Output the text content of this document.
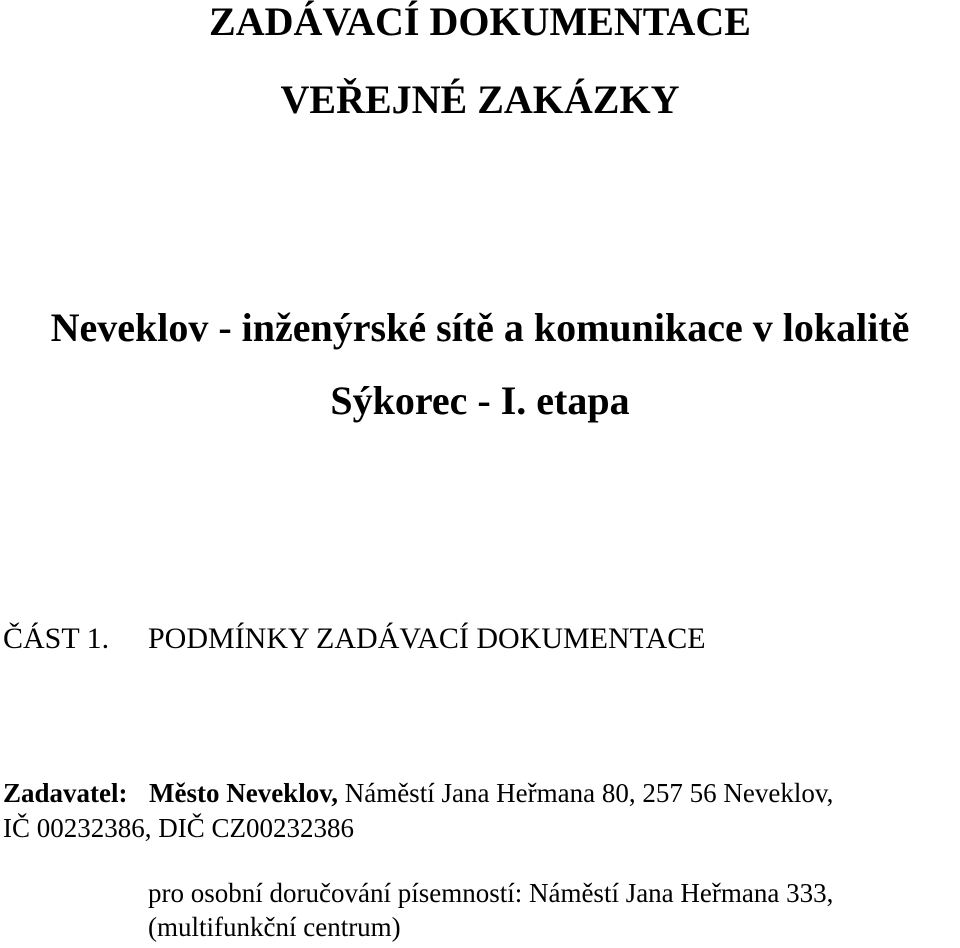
ZADÁVACÍ DOKUMENTACE
VEŘEJNÉ ZAKÁZKY
Neveklov - inženýrské sítě a komunikace v lokalitě
Sýkorec - I. etapa
ČÁST 1. PODMÍNKY ZADÁVACÍ DOKUMENTACE
Zadavatel: Město Neveklov, Náměstí Jana Heřmana 80, 257 56 Neveklov,
IČ 00232386, DIČ CZ00232386
pro osobní doručování písemností: Náměstí Jana Heřmana 333,
(multifunkční centrum)
